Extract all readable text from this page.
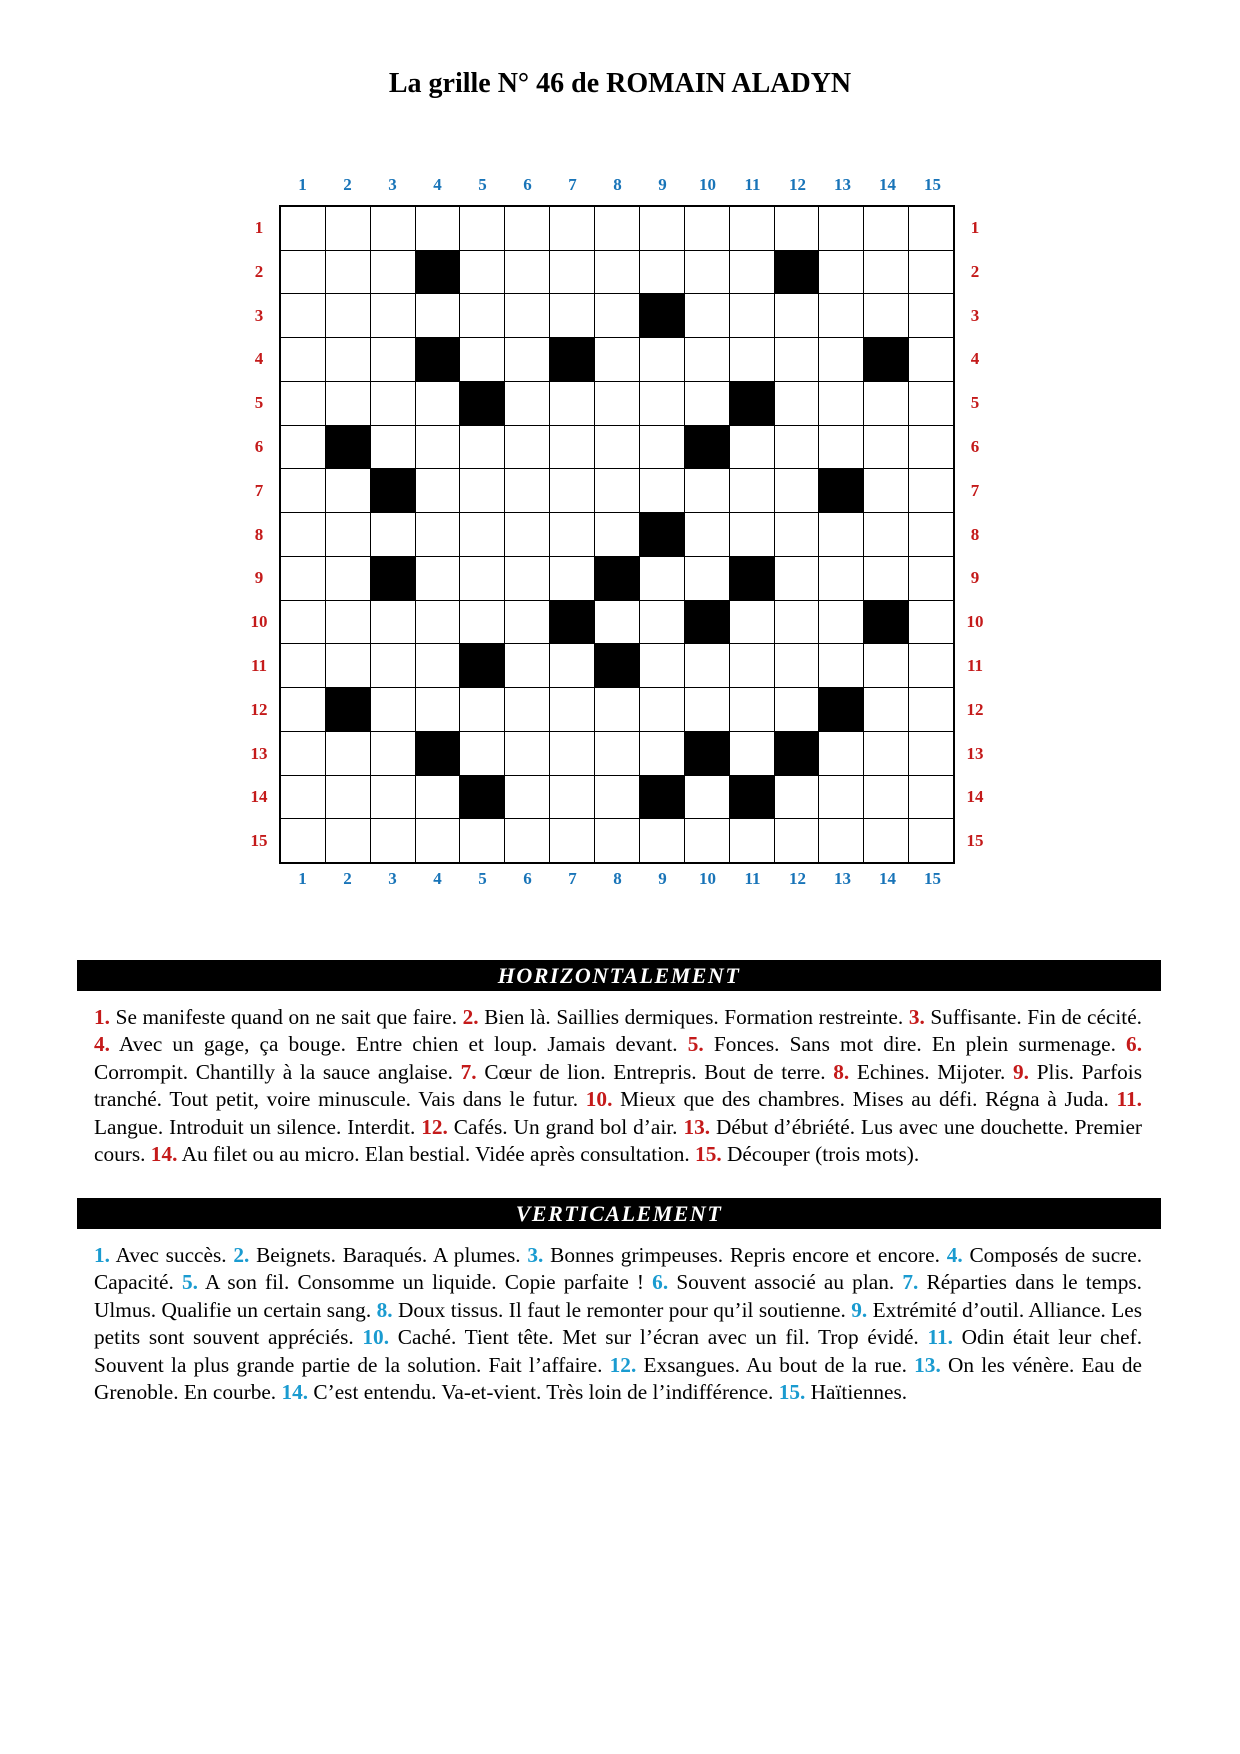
La grille N° 46 de ROMAIN ALADYN
1	2	3	4	5	6	7	8	9	10	11	12	13	14	15
1
2
3
4
5
6
7
8
9
10
11
12
13
14
15
1
2
3
4
5
6
7
8
9
10
11
12
13
14
15
1	2	3	4	5	6	7	8	9	10	11	12	13	14	15
HORIZONTALEMENT
1. Se manifeste quand on ne sait que faire. 2. Bien là. Saillies dermiques. Formation restreinte. 3. Suffisante. Fin de cécité. 4. Avec un gage, ça bouge. Entre chien et loup. Jamais devant. 5. Fonces. Sans mot dire. En plein surmenage. 6. Corrompit. Chantilly à la sauce anglaise. 7. Cœur de lion. Entrepris. Bout de terre. 8. Echines. Mijoter. 9. Plis. Parfois tranché. Tout petit, voire minuscule. Vais dans le futur. 10. Mieux que des chambres. Mises au défi. Régna à Juda. 11. Langue. Introduit un silence. Interdit. 12. Cafés. Un grand bol d’air. 13. Début d’ébriété. Lus avec une douchette. Premier cours. 14. Au filet ou au micro. Elan bestial. Vidée après consultation. 15. Découper (trois mots).
VERTICALEMENT
1. Avec succès. 2. Beignets. Baraqués. A plumes. 3. Bonnes grimpeuses. Repris encore et encore. 4. Composés de sucre. Capacité. 5. A son fil. Consomme un liquide. Copie parfaite ! 6. Souvent associé au plan. 7. Réparties dans le temps. Ulmus. Qualifie un certain sang. 8. Doux tissus. Il faut le remonter pour qu’il soutienne. 9. Extrémité d’outil. Alliance. Les petits sont souvent appréciés. 10. Caché. Tient tête. Met sur l’écran avec un fil. Trop évidé. 11. Odin était leur chef. Souvent la plus grande partie de la solution. Fait l’affaire. 12. Exsangues. Au bout de la rue. 13. On les vénère. Eau de Grenoble. En courbe. 14. C’est entendu. Va-et-vient. Très loin de l’indifférence. 15. Haïtiennes.
